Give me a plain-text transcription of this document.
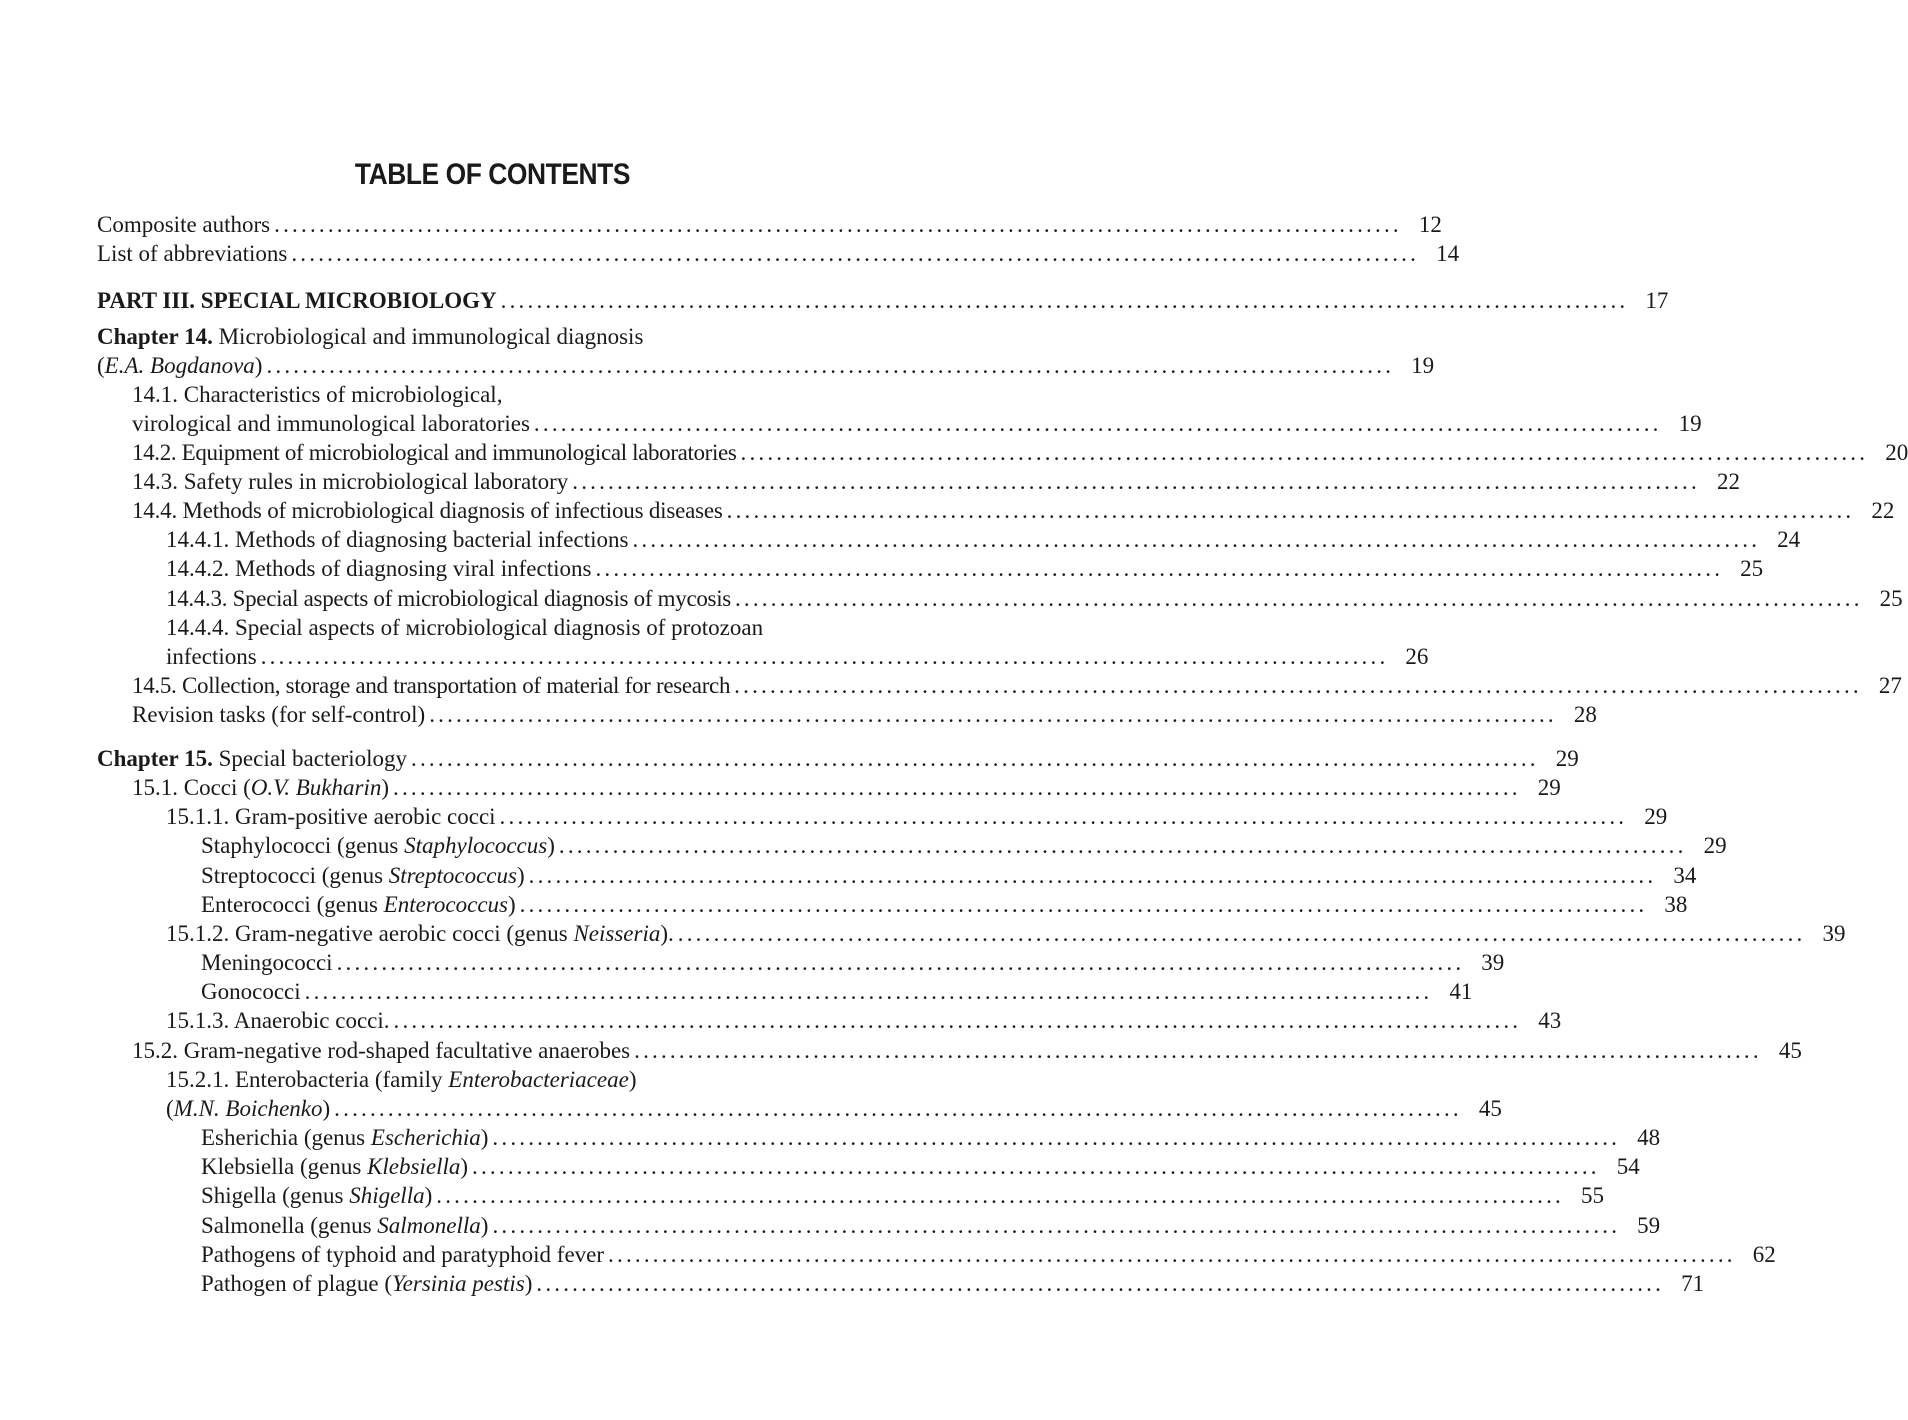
TABLE OF CONTENTS
Composite authors .............................................................................................................................. 12
List of abbreviations .............................................................................................................................. 14
PART III. SPECIAL MICROBIOLOGY .............................................................................................................................. 17
Chapter 14. Microbiological and immunological diagnosis
(E.A. Bogdanova) .............................................................................................................................. 19
14.1. Characteristics of microbiological,
virological and immunological laboratories .............................................................................................................................. 19
14.2. Equipment of microbiological and immunological laboratories .............................................................................................................................. 20
14.3. Safety rules in microbiological laboratory .............................................................................................................................. 22
14.4. Methods of microbiological diagnosis of infectious diseases .............................................................................................................................. 22
14.4.1. Methods of diagnosing bacterial infections .............................................................................................................................. 24
14.4.2. Methods of diagnosing viral infections .............................................................................................................................. 25
14.4.3. Special aspects of microbiological diagnosis of mycosis .............................................................................................................................. 25
14.4.4. Special aspects of мicrobiological diagnosis of protozoan
infections .............................................................................................................................. 26
14.5. Collection, storage and transportation of material for research .............................................................................................................................. 27
Revision tasks (for self-control) .............................................................................................................................. 28
Chapter 15. Special bacteriology .............................................................................................................................. 29
15.1. Cocci (O.V. Bukharin) .............................................................................................................................. 29
15.1.1. Gram-positive aerobic cocci .............................................................................................................................. 29
Staphylococci (genus Staphylococcus) .............................................................................................................................. 29
Streptococci (genus Streptococcus) .............................................................................................................................. 34
Enterococci (genus Enterococcus) .............................................................................................................................. 38
15.1.2. Gram-negative aerobic cocci (genus Neisseria). .............................................................................................................................. 39
Meningococci .............................................................................................................................. 39
Gonococci .............................................................................................................................. 41
15.1.3. Anaerobic cocci. .............................................................................................................................. 43
15.2. Gram-negative rod-shaped facultative anaerobes .............................................................................................................................. 45
15.2.1. Enterobacteria (family Enterobacteriaceae)
(M.N. Boichenko) .............................................................................................................................. 45
Esherichia (genus Escherichia) .............................................................................................................................. 48
Klebsiella (genus Klebsiella) .............................................................................................................................. 54
Shigella (genus Shigella) .............................................................................................................................. 55
Salmonella (genus Salmonella) .............................................................................................................................. 59
Pathogens of typhoid and paratyphoid fever .............................................................................................................................. 62
Pathogen of plague (Yersinia pestis) .............................................................................................................................. 71
